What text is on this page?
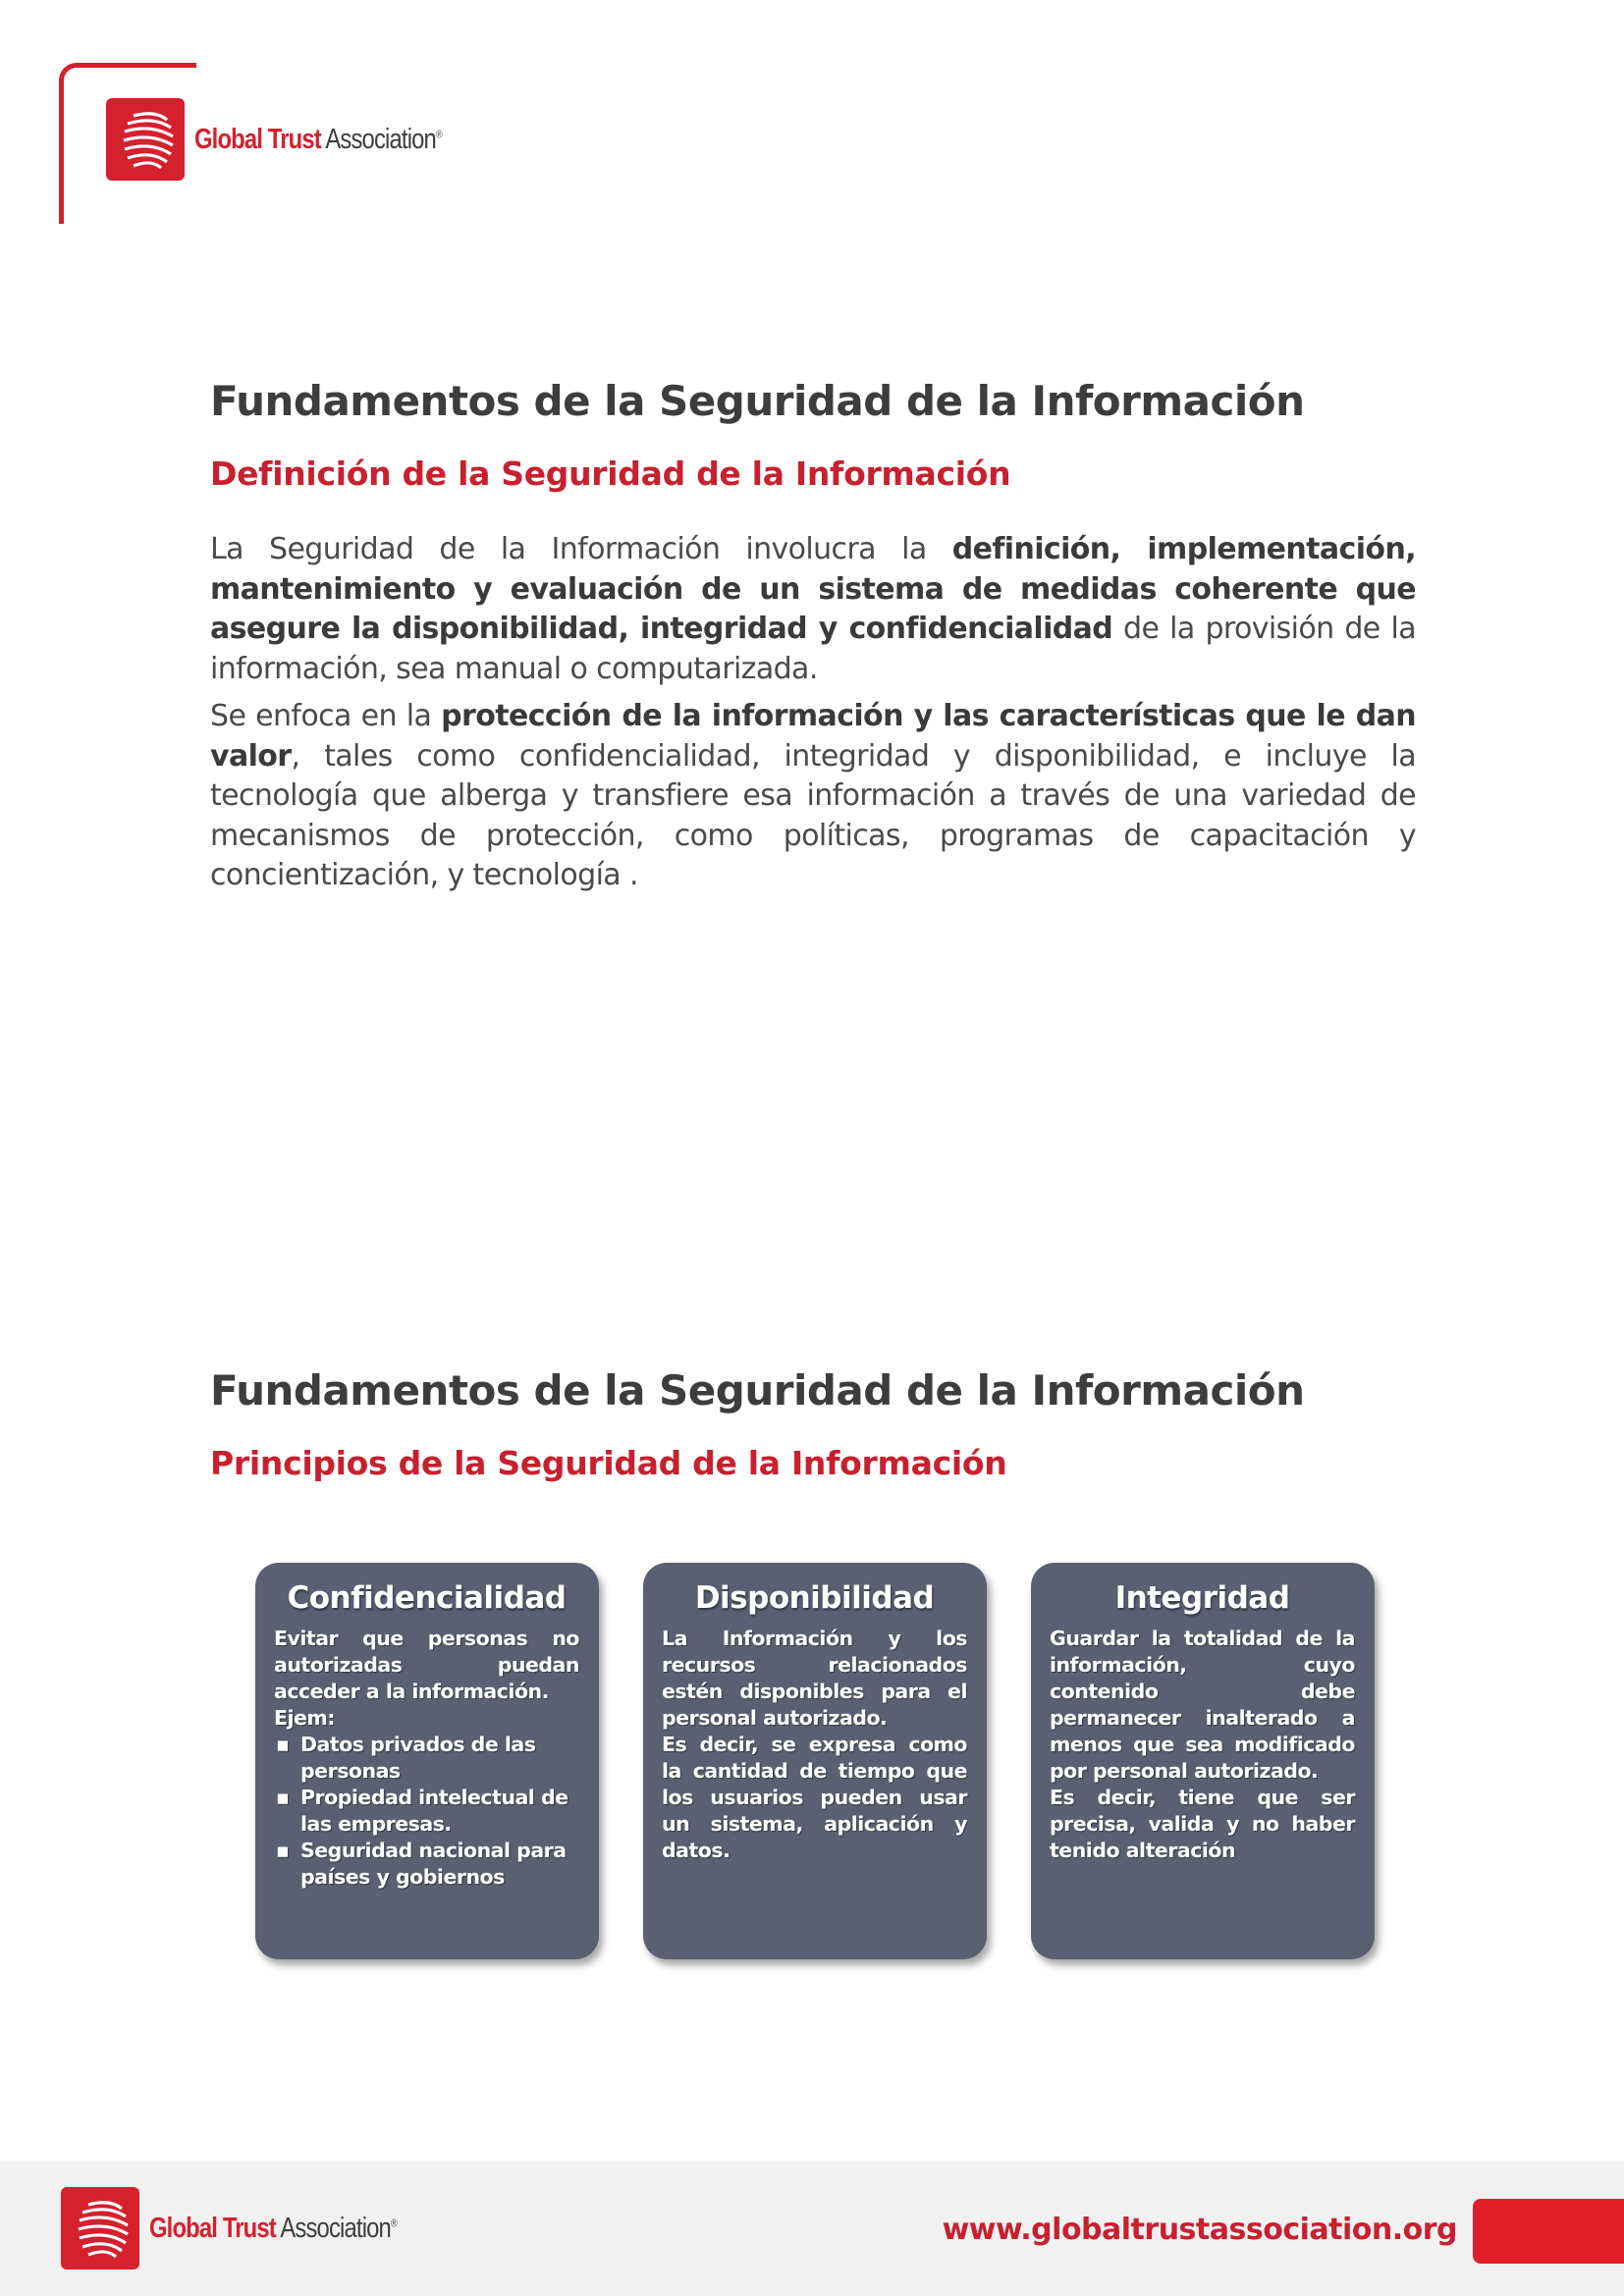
Global Trust Association®
Fundamentos de la Seguridad de la Información
Definición de la Seguridad de la Información

La Seguridad de la Información involucra la definición, implementación, mantenimiento y evaluación de un sistema de medidas coherente que asegure la disponibilidad, integridad y confidencialidad de la provisión de la información, sea manual o computarizada.

Se enfoca en la protección de la información y las características que le dan valor, tales como confidencialidad, integridad y disponibilidad, e incluye la tecnología que alberga y transfiere esa información a través de una variedad de mecanismos de protección, como políticas, programas de capacitación y concientización, y tecnología .

Fundamentos de la Seguridad de la Información
Principios de la Seguridad de la Información
Confidencialidad

Evitar que personas no autorizadas puedan acceder a la información.

Ejem:

▪ Datos privados de las personas
▪ Propiedad intelectual de las empresas.
▪ Seguridad nacional para países y gobiernos
Disponibilidad

La Información y los recursos relacionados estén disponibles para el personal autorizado.

Es decir, se expresa como la cantidad de tiempo que los usuarios pueden usar un sistema, aplicación y datos.

Integridad

Guardar la totalidad de la información, cuyo contenido debe permanecer inalterado a menos que sea modificado por personal autorizado.

Es decir, tiene que ser precisa, valida y no haber tenido alteración

Global Trust Association®	www.globaltrustassociation.org
